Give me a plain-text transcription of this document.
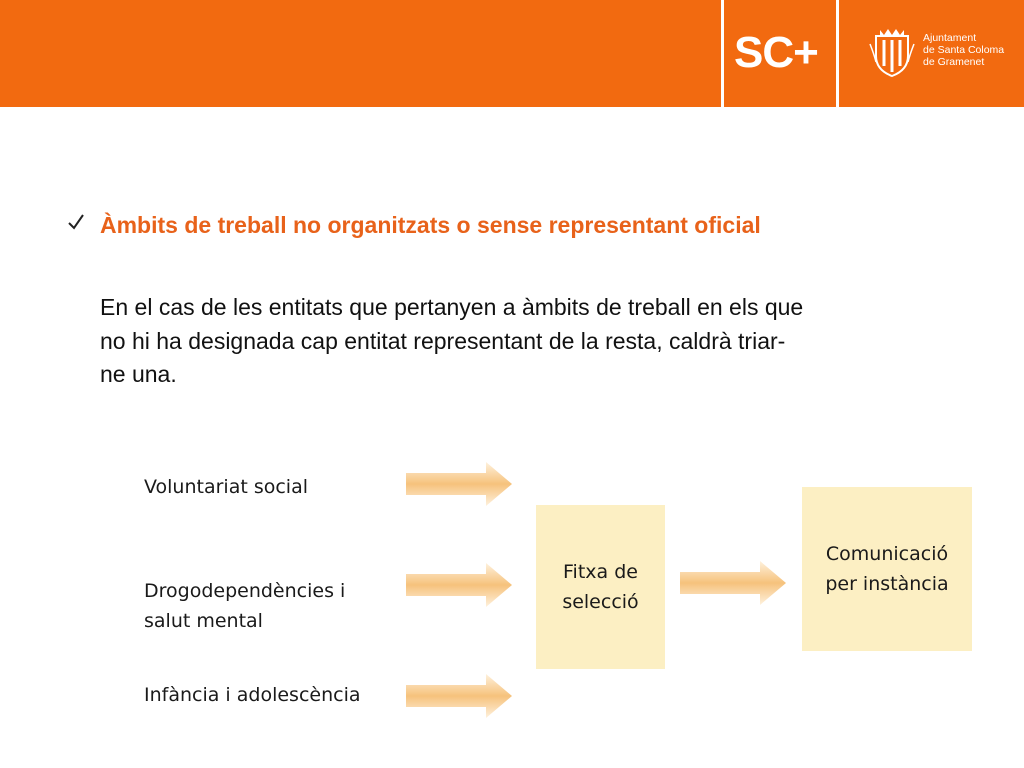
SC+	Ajuntament
de Santa Coloma
de Gramenet
Àmbits de treball no organitzats o sense representant oficial
En el cas de les entitats que pertanyen a àmbits de treball en els que
no hi ha designada cap entitat representant de la resta, caldrà triar-
ne una.
Voluntariat social
Drogodependències i
salut mental
Infància i adolescència
Fitxa de
selecció
Comunicació
per instància
